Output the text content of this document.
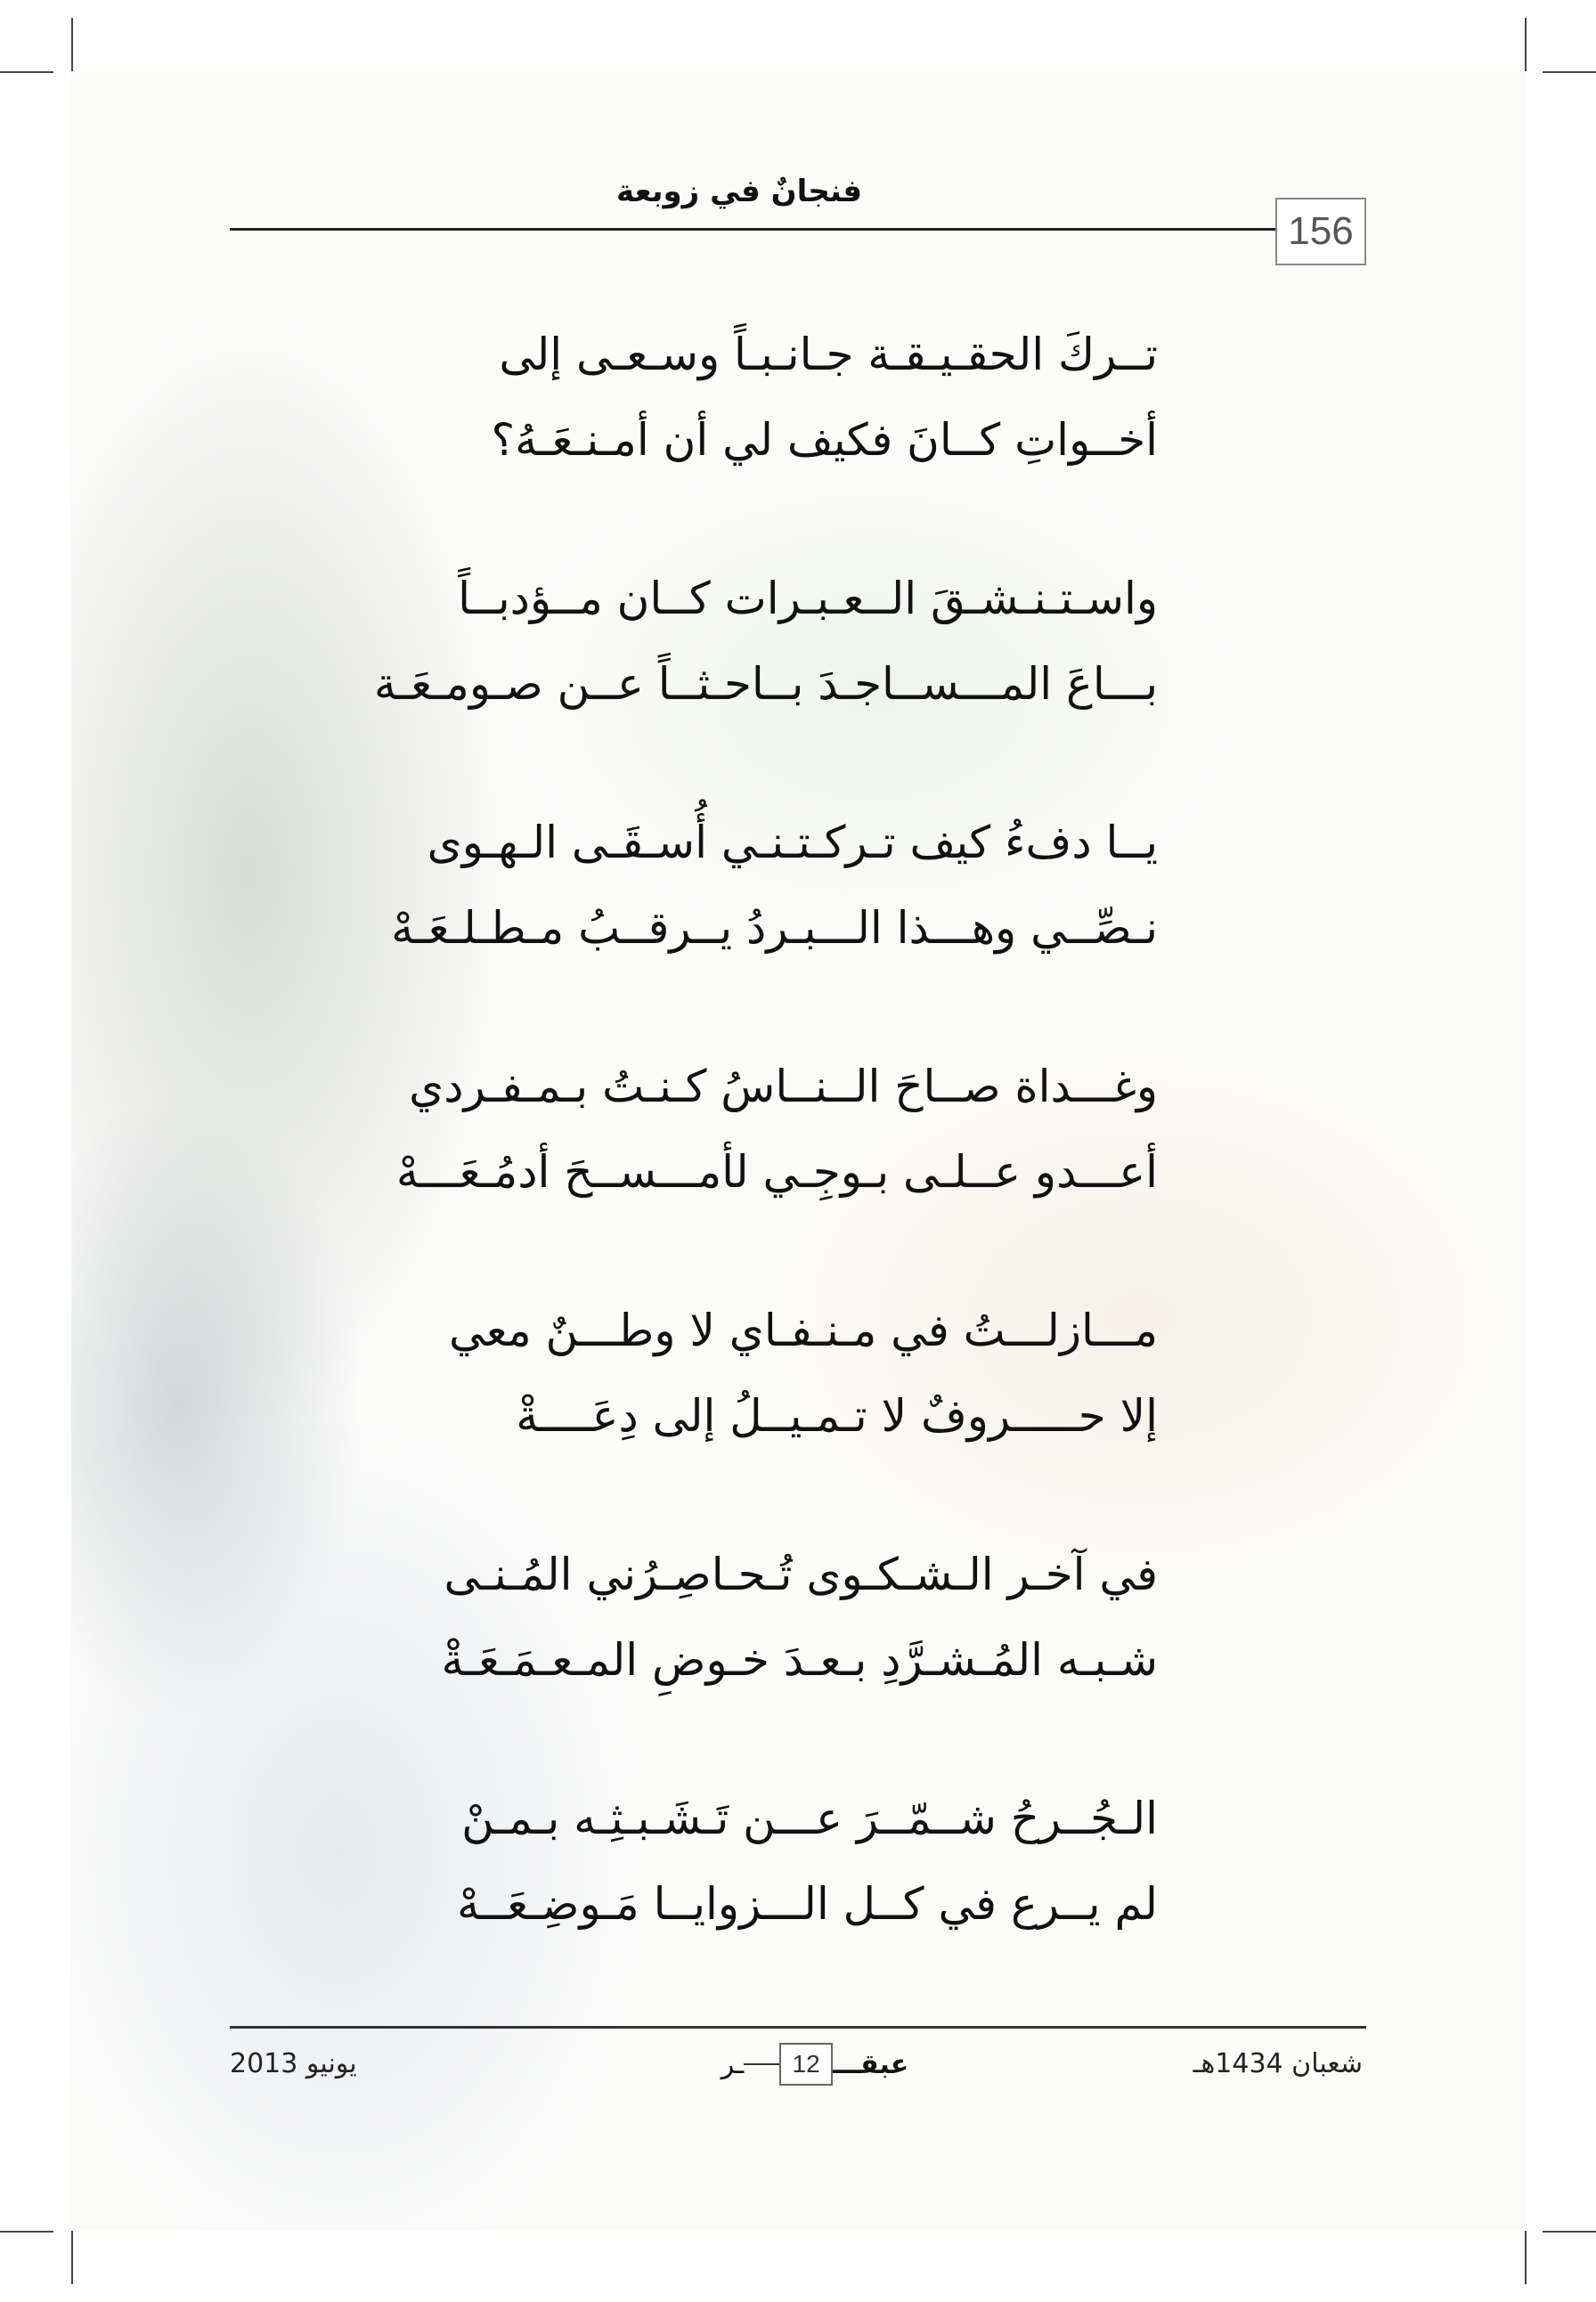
فنجانٌ في زوبعة
156
تــركَ الحقـيـقـة جـانـبـاً وسـعـى إلى
أخــواتِ كــانَ فكيف لي أن أمـنـعَـهُ؟
واسـتـنـشـقَ الــعـبـرات كــان مــؤدبــاً
بـــاعَ المـــســاجـدَ بــاحـثــاً عــن صـومـعَـة
يــا دفءُ كيف تـركـتـنـي أُسـقَـى الـهـوى
نـصِّــي وهـــذا الـــبـردُ يــرقــبُ مـطـلـعَـهْ
وغـــداة صــاحَ الــنــاسُ كـنـتُ بـمـفـردي
أعـــدو عــلـى بـوجِـي لأمـــســحَ أدمُـعَـــهْ
مـــازلـــتُ في مـنـفـاي لا وطـــنٌ معي
إلا حـــــروفٌ لا تـمـيــلُ إلى دِعَــــةْ
في آخـر الـشـكـوى تُـحـاصِـرُني المُـنـى
شـبـه المُـشـرَّدِ بـعـدَ خـوضِ المـعـمَـعَـةْ
الـجُــرحُ شــمّــرَ عـــن تَـشَـبـثِـه بـمـنْ
لم يــرع في كــل الـــزوايــا مَـوضِـعَــهْ
شعبان 1434هـ
يونيو 2013	عبقـــ
12
ـر
